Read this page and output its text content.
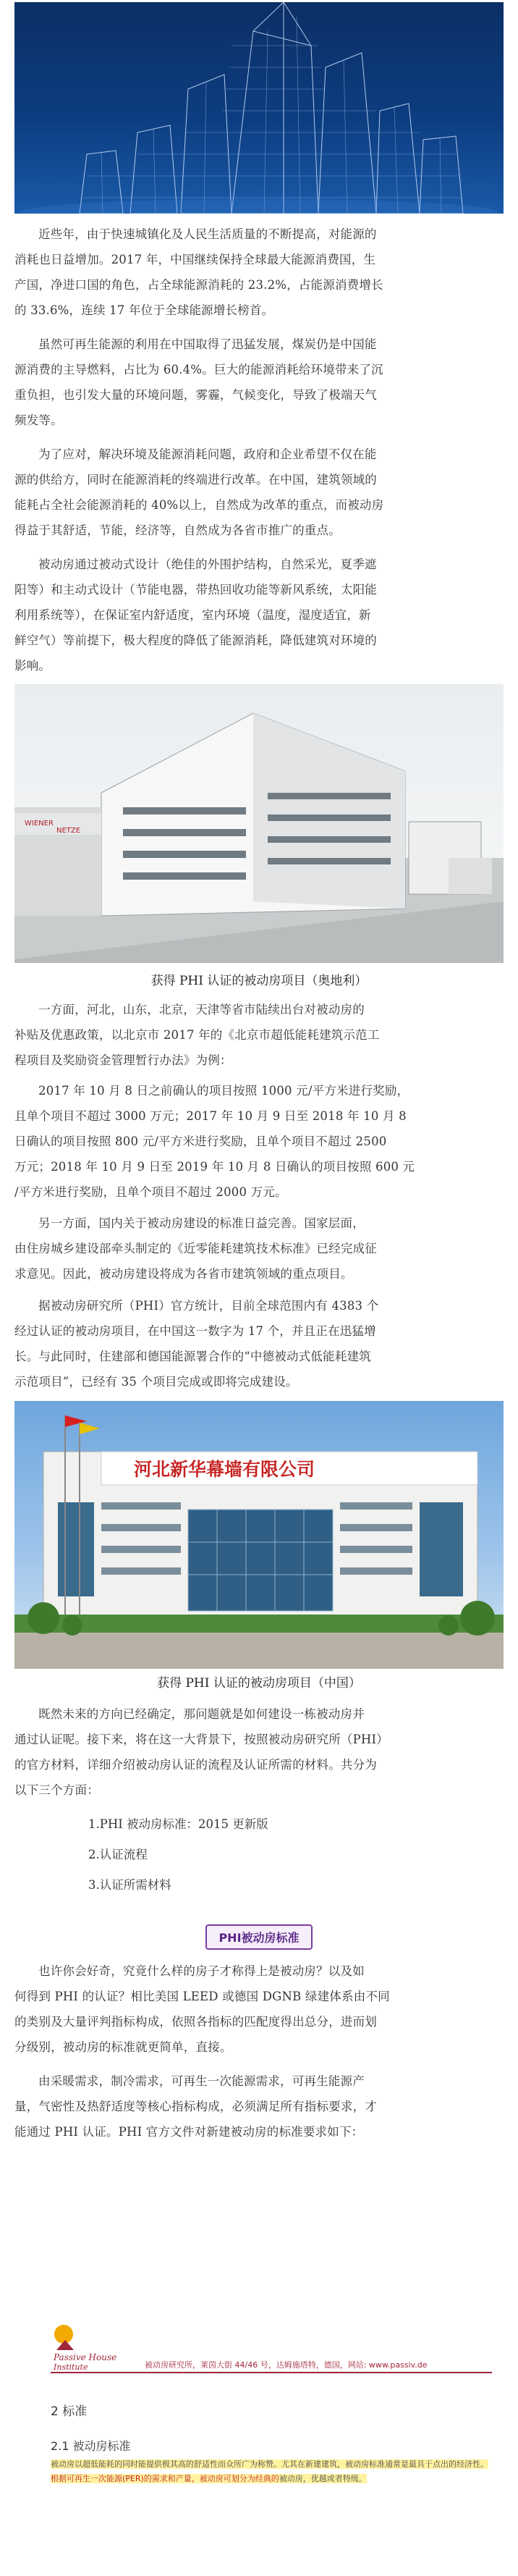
近些年，由于快速城镇化及人民生活质量的不断提高，对能源的
消耗也日益增加。2017 年，中国继续保持全球最大能源消费国，生
产国，净进口国的角色，占全球能源消耗的 23.2%，占能源消费增长
的 33.6%，连续 17 年位于全球能源增长榜首。
虽然可再生能源的利用在中国取得了迅猛发展，煤炭仍是中国能
源消费的主导燃料，占比为 60.4%。巨大的能源消耗给环境带来了沉
重负担，也引发大量的环境问题，雾霾，气候变化，导致了极端天气
频发等。
为了应对，解决环境及能源消耗问题，政府和企业希望不仅在能
源的供给方，同时在能源消耗的终端进行改革。在中国，建筑领域的
能耗占全社会能源消耗的 40%以上，自然成为改革的重点，而被动房
得益于其舒适，节能，经济等，自然成为各省市推广的重点。
被动房通过被动式设计（绝佳的外围护结构，自然采光，夏季遮
阳等）和主动式设计（节能电器，带热回收功能等新风系统，太阳能
利用系统等），在保证室内舒适度，室内环境（温度，湿度适宜，新
鲜空气）等前提下，极大程度的降低了能源消耗，降低建筑对环境的
影响。
WIENER
NETZE
获得 PHI 认证的被动房项目（奥地利）
一方面，河北，山东，北京，天津等省市陆续出台对被动房的
补贴及优惠政策，以北京市 2017 年的《北京市超低能耗建筑示范工
程项目及奖励资金管理暂行办法》为例：
2017 年 10 月 8 日之前确认的项目按照 1000 元/平方米进行奖励，
且单个项目不超过 3000 万元；2017 年 10 月 9 日至 2018 年 10 月 8
日确认的项目按照 800 元/平方米进行奖励，且单个项目不超过 2500
万元；2018 年 10 月 9 日至 2019 年 10 月 8 日确认的项目按照 600 元
/平方米进行奖励，且单个项目不超过 2000 万元。
另一方面，国内关于被动房建设的标准日益完善。国家层面，
由住房城乡建设部牵头制定的《近零能耗建筑技术标准》已经完成征
求意见。因此，被动房建设将成为各省市建筑领域的重点项目。
据被动房研究所（PHI）官方统计，目前全球范围内有 4383 个
经过认证的被动房项目，在中国这一数字为 17 个，并且正在迅猛增
长。与此同时，住建部和德国能源署合作的“中德被动式低能耗建筑
示范项目”，已经有 35 个项目完成或即将完成建设。
河北新华幕墙有限公司
获得 PHI 认证的被动房项目（中国）
既然未来的方向已经确定，那问题就是如何建设一栋被动房并
通过认证呢。接下来，将在这一大背景下，按照被动房研究所（PHI）
的官方材料，详细介绍被动房认证的流程及认证所需的材料。共分为
以下三个方面：
1.PHI 被动房标准：2015 更新版
2.认证流程
3.认证所需材料
PHI被动房标准
也许你会好奇，究竟什么样的房子才称得上是被动房？以及如
何得到 PHI 的认证？相比美国 LEED 或德国 DGNB 绿建体系由不同
的类别及大量评判指标构成，依照各指标的匹配度得出总分，进而划
分级别，被动房的标准就更简单，直接。
由采暖需求，制冷需求，可再生一次能源需求，可再生能源产
量，气密性及热舒适度等核心指标构成，必须满足所有指标要求，才
能通过 PHI 认证。PHI 官方文件对新建被动房的标准要求如下：
Passive House
Institute	被动房研究所，莱茵大街 44/46 号，达姆施塔特，德国，网站: www.passiv.de
2 标准
2.1 被动房标准
被动房以超低能耗的同时能提供极其高的舒适性而众所广为称赞。尤其在新建建筑，被动房标准通常是最具于点出的经济性。根据可再生一次能源(PER)的需求和产量，被动房可划分为经典的被动房，优越或者特级。
